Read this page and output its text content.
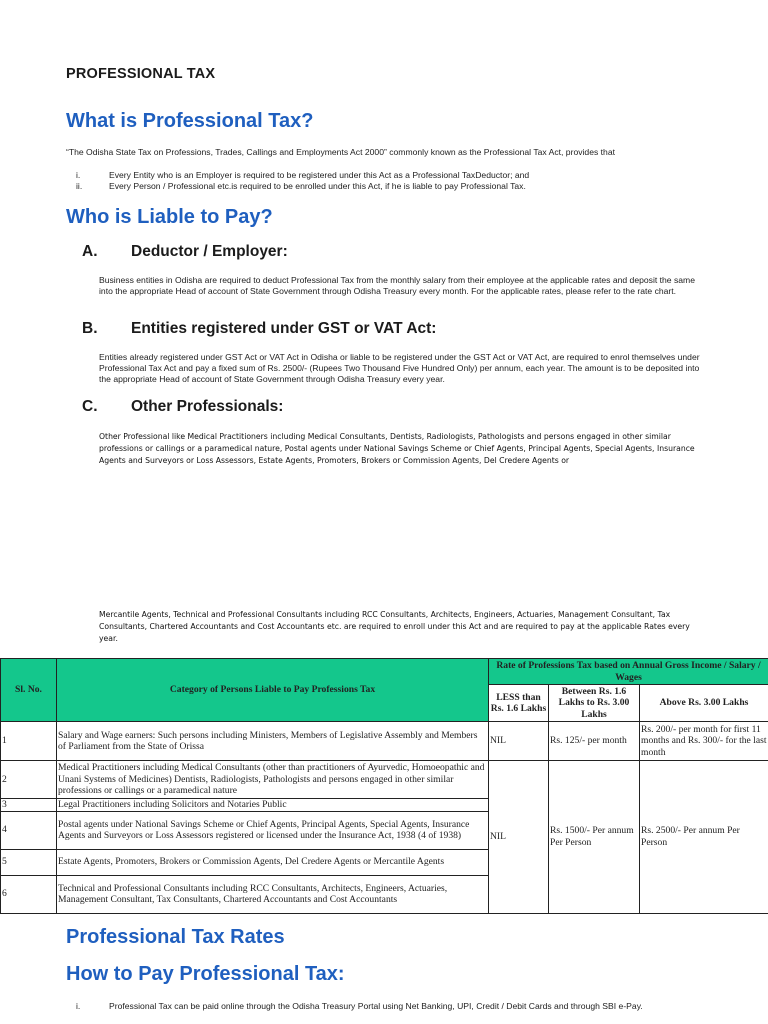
PROFESSIONAL TAX
What is Professional Tax?
“The Odisha State Tax on Professions, Trades, Callings and Employments Act 2000” commonly known as the Professional Tax Act, provides that
i.	Every Entity who is an Employer is required to be registered under this Act as a Professional TaxDeductor; and
ii.	Every Person / Professional etc.is required to be enrolled under this Act, if he is liable to pay Professional Tax.
Who is Liable to Pay?
A. Deductor / Employer:
Business entities in Odisha are required to deduct Professional Tax from the monthly salary from their employee at the applicable rates and deposit the same into the appropriate Head of account of State Government through Odisha Treasury every month. For the applicable rates, please refer to the rate chart.
B. Entities registered under GST or VAT Act:
Entities already registered under GST Act or VAT Act in Odisha or liable to be registered under the GST Act or VAT Act, are required to enrol themselves under Professional Tax Act and pay a fixed sum of Rs. 2500/- (Rupees Two Thousand Five Hundred Only) per annum, each year. The amount is to be deposited into the appropriate Head of account of State Government through Odisha Treasury every year.
C. Other Professionals:
Other Professional like Medical Practitioners including Medical Consultants, Dentists, Radiologists, Pathologists and persons engaged in other similar professions or callings or a paramedical nature, Postal agents under National Savings Scheme or Chief Agents, Principal Agents, Special Agents, Insurance Agents and Surveyors or Loss Assessors, Estate Agents, Promoters, Brokers or Commission Agents, Del Credere Agents or
Mercantile Agents, Technical and Professional Consultants including RCC Consultants, Architects, Engineers, Actuaries, Management Consultant, Tax Consultants, Chartered Accountants and Cost Accountants etc. are required to enroll under this Act and are required to pay at the applicable Rates every year.
Sl. No.	Category of Persons Liable to Pay Professions Tax	Rate of Professions Tax based on Annual Gross Income / Salary / Wages		
		LESS than Rs. 1.6 Lakhs	Between Rs. 1.6 Lakhs to Rs. 3.00 Lakhs	Above Rs. 3.00 Lakhs
1	Salary and Wage earners: Such persons including Ministers, Members of Legislative Assembly and Members of Parliament from the State of Orissa	NIL	Rs. 125/- per month	Rs. 200/- per month for first 11 months and Rs. 300/- for the last month
2	Medical Practitioners including Medical Consultants (other than practitioners of Ayurvedic, Homoeopathic and Unani Systems of Medicines) Dentists, Radiologists, Pathologists and persons engaged in other similar professions or callings or a paramedical nature	NIL	Rs. 1500/- Per annum Per Person	Rs. 2500/- Per annum Per Person
3	Legal Practitioners including Solicitors and Notaries Public			
4	Postal agents under National Savings Scheme or Chief Agents, Principal Agents, Special Agents, Insurance Agents and Surveyors or Loss Assessors registered or licensed under the Insurance Act, 1938 (4 of 1938)			
5	Estate Agents, Promoters, Brokers or Commission Agents, Del Credere Agents or Mercantile Agents			
6	Technical and Professional Consultants including RCC Consultants, Architects, Engineers, Actuaries, Management Consultant, Tax Consultants, Chartered Accountants and Cost Accountants			
Professional Tax Rates
How to Pay Professional Tax:
i.	Professional Tax can be paid online through the Odisha Treasury Portal using Net Banking, UPI, Credit / Debit Cards and through SBI e-Pay.
